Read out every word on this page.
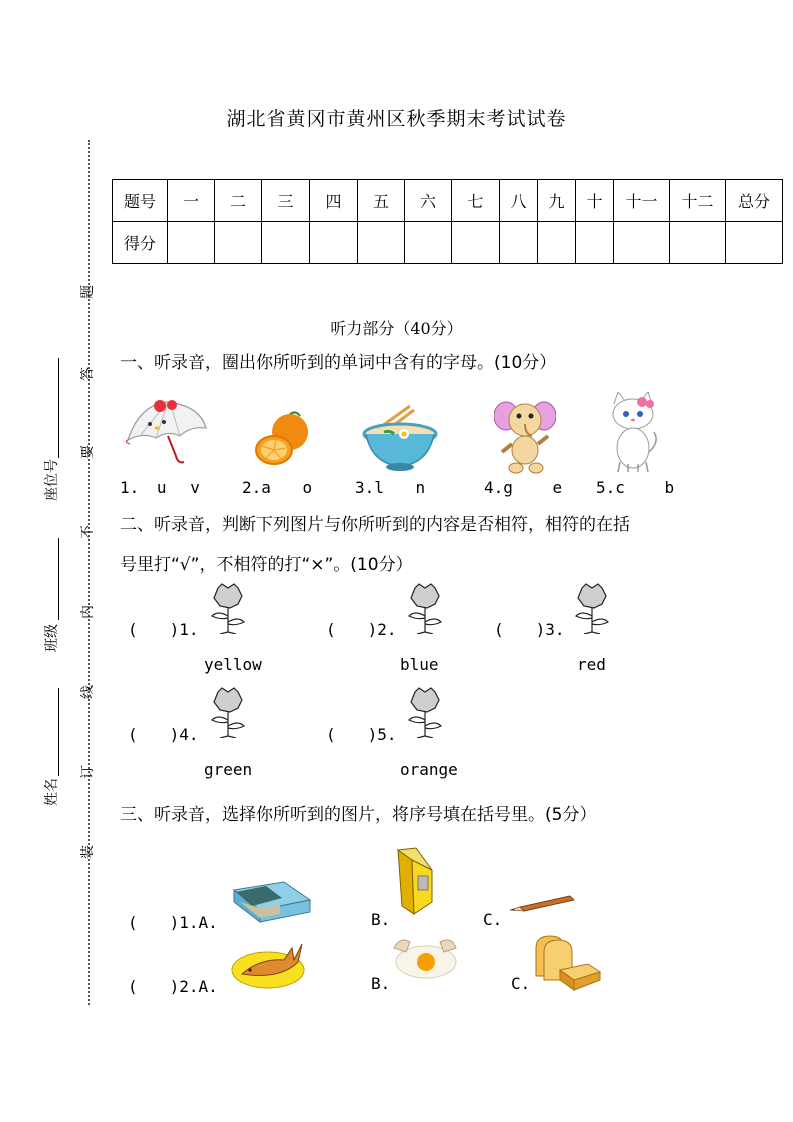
湖北省黄冈市黄州区秋季期末考试试卷
题
答
要
不
内
线
订
装
座位号
班级
姓名
题号	一	二	三	四	五	六	七	八	九	十	十一	十二	总分
得分													
听力部分（40分）
一、听录音，圈出你所听到的单词中含有的字母。(10分）
1. u v	2.a o	3.l n	4.g e 5.c b
二、听录音，判断下列图片与你所听到的内容是否相符，相符的在括
号里打“√”，不相符的打“×”。(10分）
(　　)1.
yellow
(　　)2.
blue
(　　)3.
red
(　　)4.
green
(　　)5.
orange
三、听录音，选择你所听到的图片，将序号填在括号里。(5分）
(　　)1.A.	B.	C.
(　　)2.A.	B.	C.
